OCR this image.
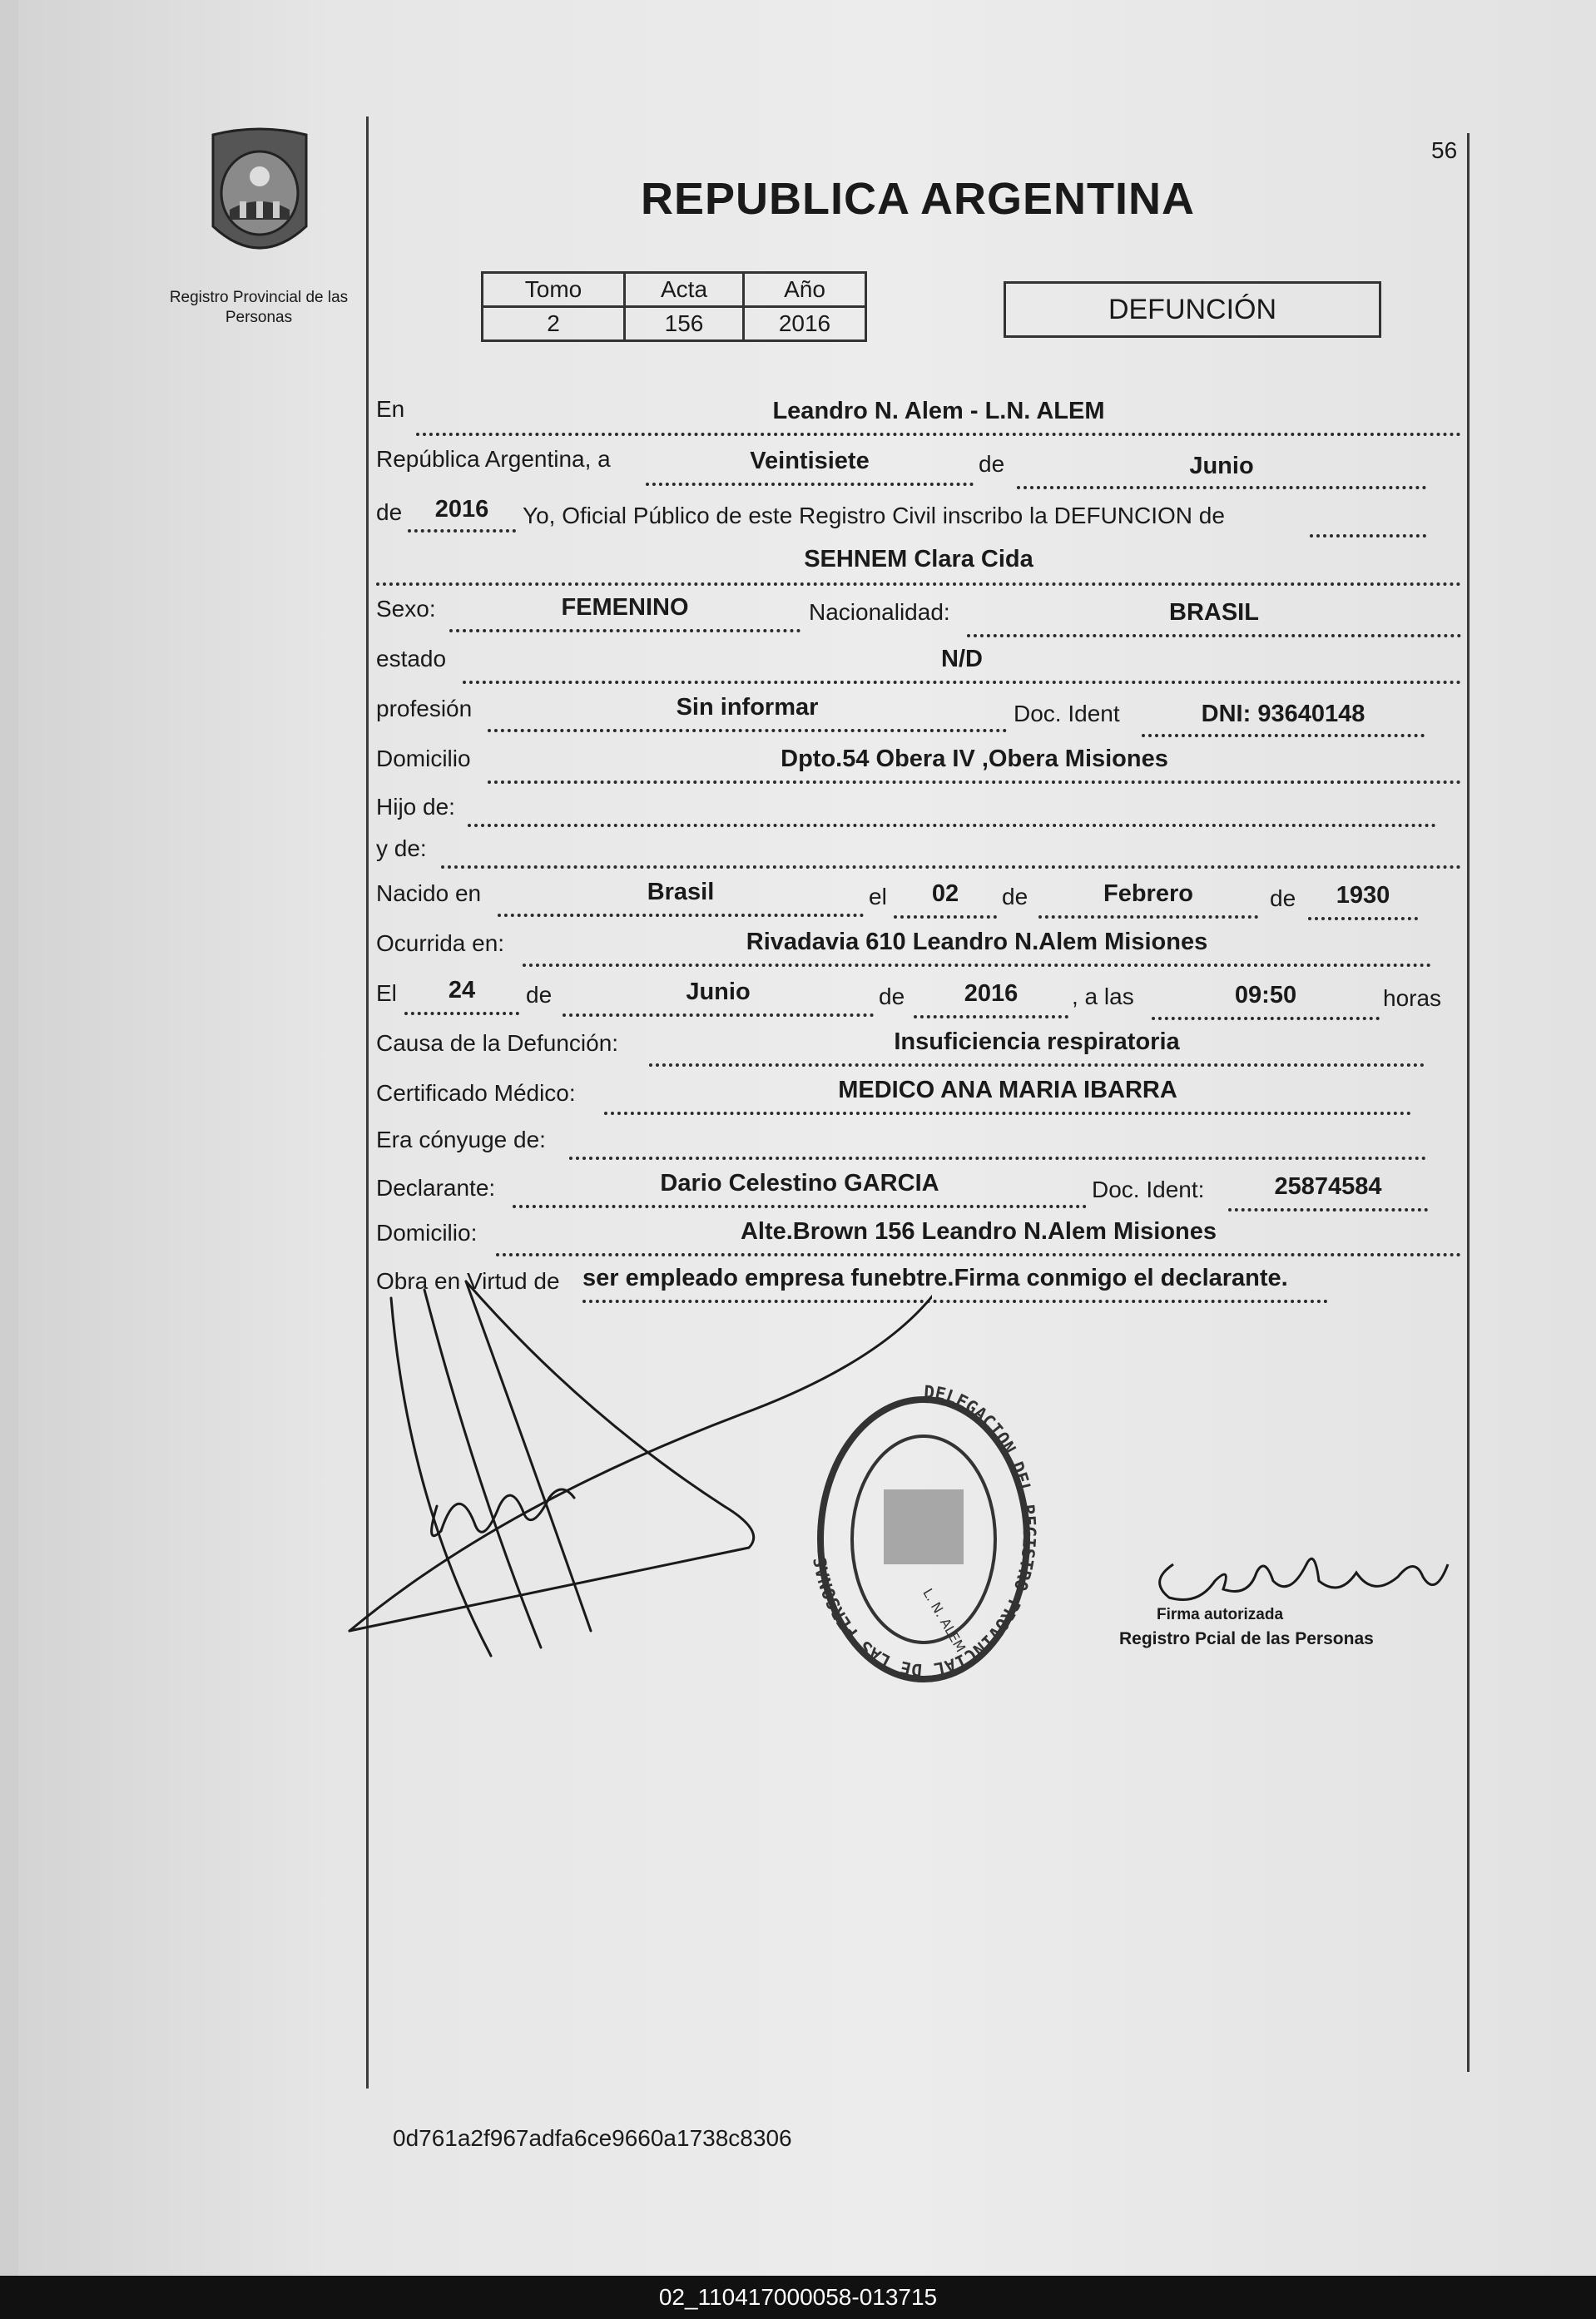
Registro Provincial de las Personas
56
REPUBLICA ARGENTINA
Tomo	Acta	Año
2	156	2016	DEFUNCIÓN
En	Leandro N. Alem - L.N. ALEM
República Argentina, a	Veintisiete	de	Junio
de	2016	Yo, Oficial Público de este Registro Civil inscribo la DEFUNCION de
SEHNEM Clara Cida
Sexo:	FEMENINO	Nacionalidad:	BRASIL
estado	N/D
profesión	Sin informar	Doc. Ident	DNI: 93640148
Domicilio	Dpto.54 Obera IV ,Obera Misiones
Hijo de:
y de:
Nacido en	Brasil	el	02	de	Febrero	de	1930
Ocurrida en:	Rivadavia 610 Leandro N.Alem Misiones
El	24	de	Junio	de	2016	, a las	09:50	horas
Causa de la Defunción:	Insuficiencia respiratoria
Certificado Médico:	MEDICO ANA MARIA IBARRA
Era cónyuge de:
Declarante:	Dario Celestino GARCIA	Doc. Ident:	25874584
Domicilio:	Alte.Brown 156 Leandro N.Alem Misiones
Obra en Virtud de ser empleado empresa funebtre.Firma conmigo el declarante.
DELEGACION DEL REGISTRO PROVINCIAL DE LAS PERSONAS
L. N. ALEM	Firma autorizada
Registro Pcial de las Personas
0d761a2f967adfa6ce9660a1738c8306
02_110417000058-013715
